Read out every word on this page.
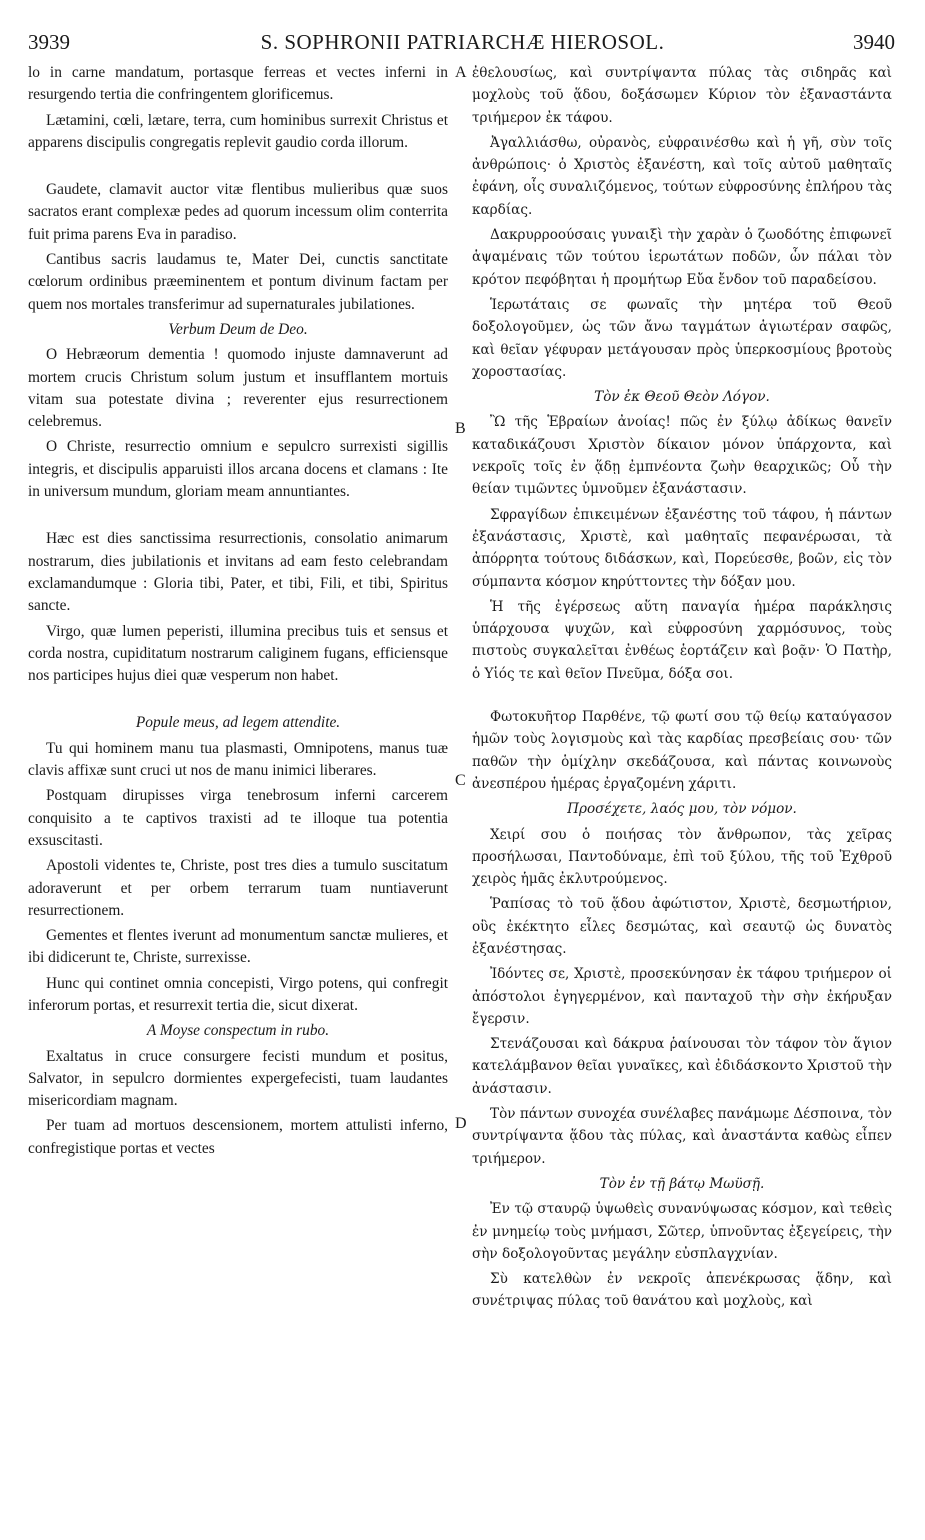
3939	S. SOPHRONII PATRIARCHÆ HIEROSOL.	3940
A
B
C
D

lo in carne mandatum, portasque ferreas et vectes inferni in resurgendo tertia die confringentem glorificemus.

Lætamini, cœli, lætare, terra, cum hominibus surrexit Christus et apparens discipulis congregatis replevit gaudio corda illorum.

Gaudete, clamavit auctor vitæ flentibus mulieribus quæ suos sacratos erant complexæ pedes ad quorum incessum olim conterrita fuit prima parens Eva in paradiso.

Cantibus sacris laudamus te, Mater Dei, cunctis sanctitate cœlorum ordinibus præeminentem et pontum divinum factam per quem nos mortales transferimur ad supernaturales jubilationes.

Verbum Deum de Deo.

O Hebræorum dementia ! quomodo injuste damnaverunt ad mortem crucis Christum solum justum et insufflantem mortuis vitam sua potestate divina ; reverenter ejus resurrectionem celebremus.

O Christe, resurrectio omnium e sepulcro surrexisti sigillis integris, et discipulis apparuisti illos arcana docens et clamans : Ite in universum mundum, gloriam meam annuntiantes.

Hæc est dies sanctissima resurrectionis, consolatio animarum nostrarum, dies jubilationis et invitans ad eam festo celebrandam exclamandumque : Gloria tibi, Pater, et tibi, Fili, et tibi, Spiritus sancte.

Virgo, quæ lumen peperisti, illumina precibus tuis et sensus et corda nostra, cupiditatum nostrarum caliginem fugans, efficiensque nos participes hujus diei quæ vesperum non habet.

Popule meus, ad legem attendite.

Tu qui hominem manu tua plasmasti, Omnipotens, manus tuæ clavis affixæ sunt cruci ut nos de manu inimici liberares.

Postquam dirupisses virga tenebrosum inferni carcerem conquisito a te captivos traxisti ad te illoque tua potentia exsuscitasti.

Apostoli videntes te, Christe, post tres dies a tumulo suscitatum adoraverunt et per orbem terrarum tuam nuntiaverunt resurrectionem.

Gementes et flentes iverunt ad monumentum sanctæ mulieres, et ibi didicerunt te, Christe, surrexisse.

Hunc qui continet omnia concepisti, Virgo potens, qui confregit inferorum portas, et resurrexit tertia die, sicut dixerat.

A Moyse conspectum in rubo.

Exaltatus in cruce consurgere fecisti mundum et positus, Salvator, in sepulcro dormientes expergefecisti, tuam laudantes misericordiam magnam.

Per tuam ad mortuos descensionem, mortem attulisti inferno, confregistique portas et vectes

ἐθελουσίως, καὶ συντρίψαντα πύλας τὰς σιδηρᾶς καὶ μοχλοὺς τοῦ ᾅδου, δοξάσωμεν Κύριον τὸν ἐξαναστάντα τριήμερον ἐκ τάφου.

Ἀγαλλιάσθω, οὐρανὸς, εὐφραινέσθω καὶ ἡ γῆ, σὺν τοῖς ἀνθρώποις· ὁ Χριστὸς ἐξανέστη, καὶ τοῖς αὐτοῦ μαθηταῖς ἐφάνη, οἷς συναλιζόμενος, τούτων εὐφροσύνης ἐπλήρου τὰς καρδίας.

Δακρυρροούσαις γυναιξὶ τὴν χαρὰν ὁ ζωοδότης ἐπιφωνεῖ ἁψαμέναις τῶν τούτου ἱερωτάτων ποδῶν, ὧν πάλαι τὸν κρότον πεφόβηται ἡ προμήτωρ Εὔα ἔνδον τοῦ παραδείσου.

Ἱερωτάταις σε φωναῖς τὴν μητέρα τοῦ Θεοῦ δοξολογοῦμεν, ὡς τῶν ἄνω ταγμάτων ἁγιωτέραν σαφῶς, καὶ θεῖαν γέφυραν μετάγουσαν πρὸς ὑπερκοσμίους βροτοὺς χοροστασίας.

Τὸν ἐκ Θεοῦ Θεὸν Λόγον.

Ὢ τῆς Ἑβραίων ἀνοίας! πῶς ἐν ξύλῳ ἀδίκως θανεῖν καταδικάζουσι Χριστὸν δίκαιον μόνον ὑπάρχοντα, καὶ νεκροῖς τοῖς ἐν ᾅδῃ ἐμπνέοντα ζωὴν θεαρχικῶς; Οὗ τὴν θείαν τιμῶντες ὑμνοῦμεν ἐξανάστασιν.

Σφραγίδων ἐπικειμένων ἐξανέστης τοῦ τάφου, ἡ πάντων ἐξανάστασις, Χριστὲ, καὶ μαθηταῖς πεφανέρωσαι, τὰ ἀπόρρητα τούτους διδάσκων, καὶ, Πορεύεσθε, βοῶν, εἰς τὸν σύμπαντα κόσμον κηρύττοντες τὴν δόξαν μου.

Ἡ τῆς ἐγέρσεως αὕτη παναγία ἡμέρα παράκλησις ὑπάρχουσα ψυχῶν, καὶ εὐφροσύνη χαρμόσυνος, τοὺς πιστοὺς συγκαλεῖται ἐνθέως ἑορτάζειν καὶ βοᾷν· Ὁ Πατὴρ, ὁ Υἱός τε καὶ θεῖον Πνεῦμα, δόξα σοι.

Φωτοκυῆτορ Παρθένε, τῷ φωτί σου τῷ θείῳ καταύγασον ἡμῶν τοὺς λογισμοὺς καὶ τὰς καρδίας πρεσβείαις σου· τῶν παθῶν τὴν ὁμίχλην σκεδάζουσα, καὶ πάντας κοινωνοὺς ἀνεσπέρου ἡμέρας ἐργαζομένη χάριτι.

Προσέχετε, λαός μου, τὸν νόμον.

Χειρί σου ὁ ποιήσας τὸν ἄνθρωπον, τὰς χεῖρας προσήλωσαι, Παντοδύναμε, ἐπὶ τοῦ ξύλου, τῆς τοῦ Ἐχθροῦ χειρὸς ἡμᾶς ἐκλυτρούμενος.

Ῥαπίσας τὸ τοῦ ᾅδου ἀφώτιστον, Χριστὲ, δεσμωτήριον, οὓς ἐκέκτητο εἷλες δεσμώτας, καὶ σεαυτῷ ὡς δυνατὸς ἐξανέστησας.

Ἰδόντες σε, Χριστὲ, προσεκύνησαν ἐκ τάφου τριήμερον οἱ ἀπόστολοι ἐγηγερμένον, καὶ πανταχοῦ τὴν σὴν ἐκήρυξαν ἔγερσιν.

Στενάζουσαι καὶ δάκρυα ῥαίνουσαι τὸν τάφον τὸν ἅγιον κατελάμβανον θεῖαι γυναῖκες, καὶ ἐδιδάσκοντο Χριστοῦ τὴν ἀνάστασιν.

Τὸν πάντων συνοχέα συνέλαβες πανάμωμε Δέσποινα, τὸν συντρίψαντα ᾅδου τὰς πύλας, καὶ ἀναστάντα καθὼς εἶπεν τριήμερον.

Τὸν ἐν τῇ βάτῳ Μωϋσῇ.

Ἐν τῷ σταυρῷ ὑψωθεὶς συνανύψωσας κόσμον, καὶ τεθεὶς ἐν μνημείῳ τοὺς μνήμασι, Σῶτερ, ὑπνοῦντας ἐξεγείρεις, τὴν σὴν δοξολογοῦντας μεγάλην εὐσπλαγχνίαν.

Σὺ κατελθὼν ἐν νεκροῖς ἀπενέκρωσας ᾅδην, καὶ συνέτριψας πύλας τοῦ θανάτου καὶ μοχλοὺς, καὶ
